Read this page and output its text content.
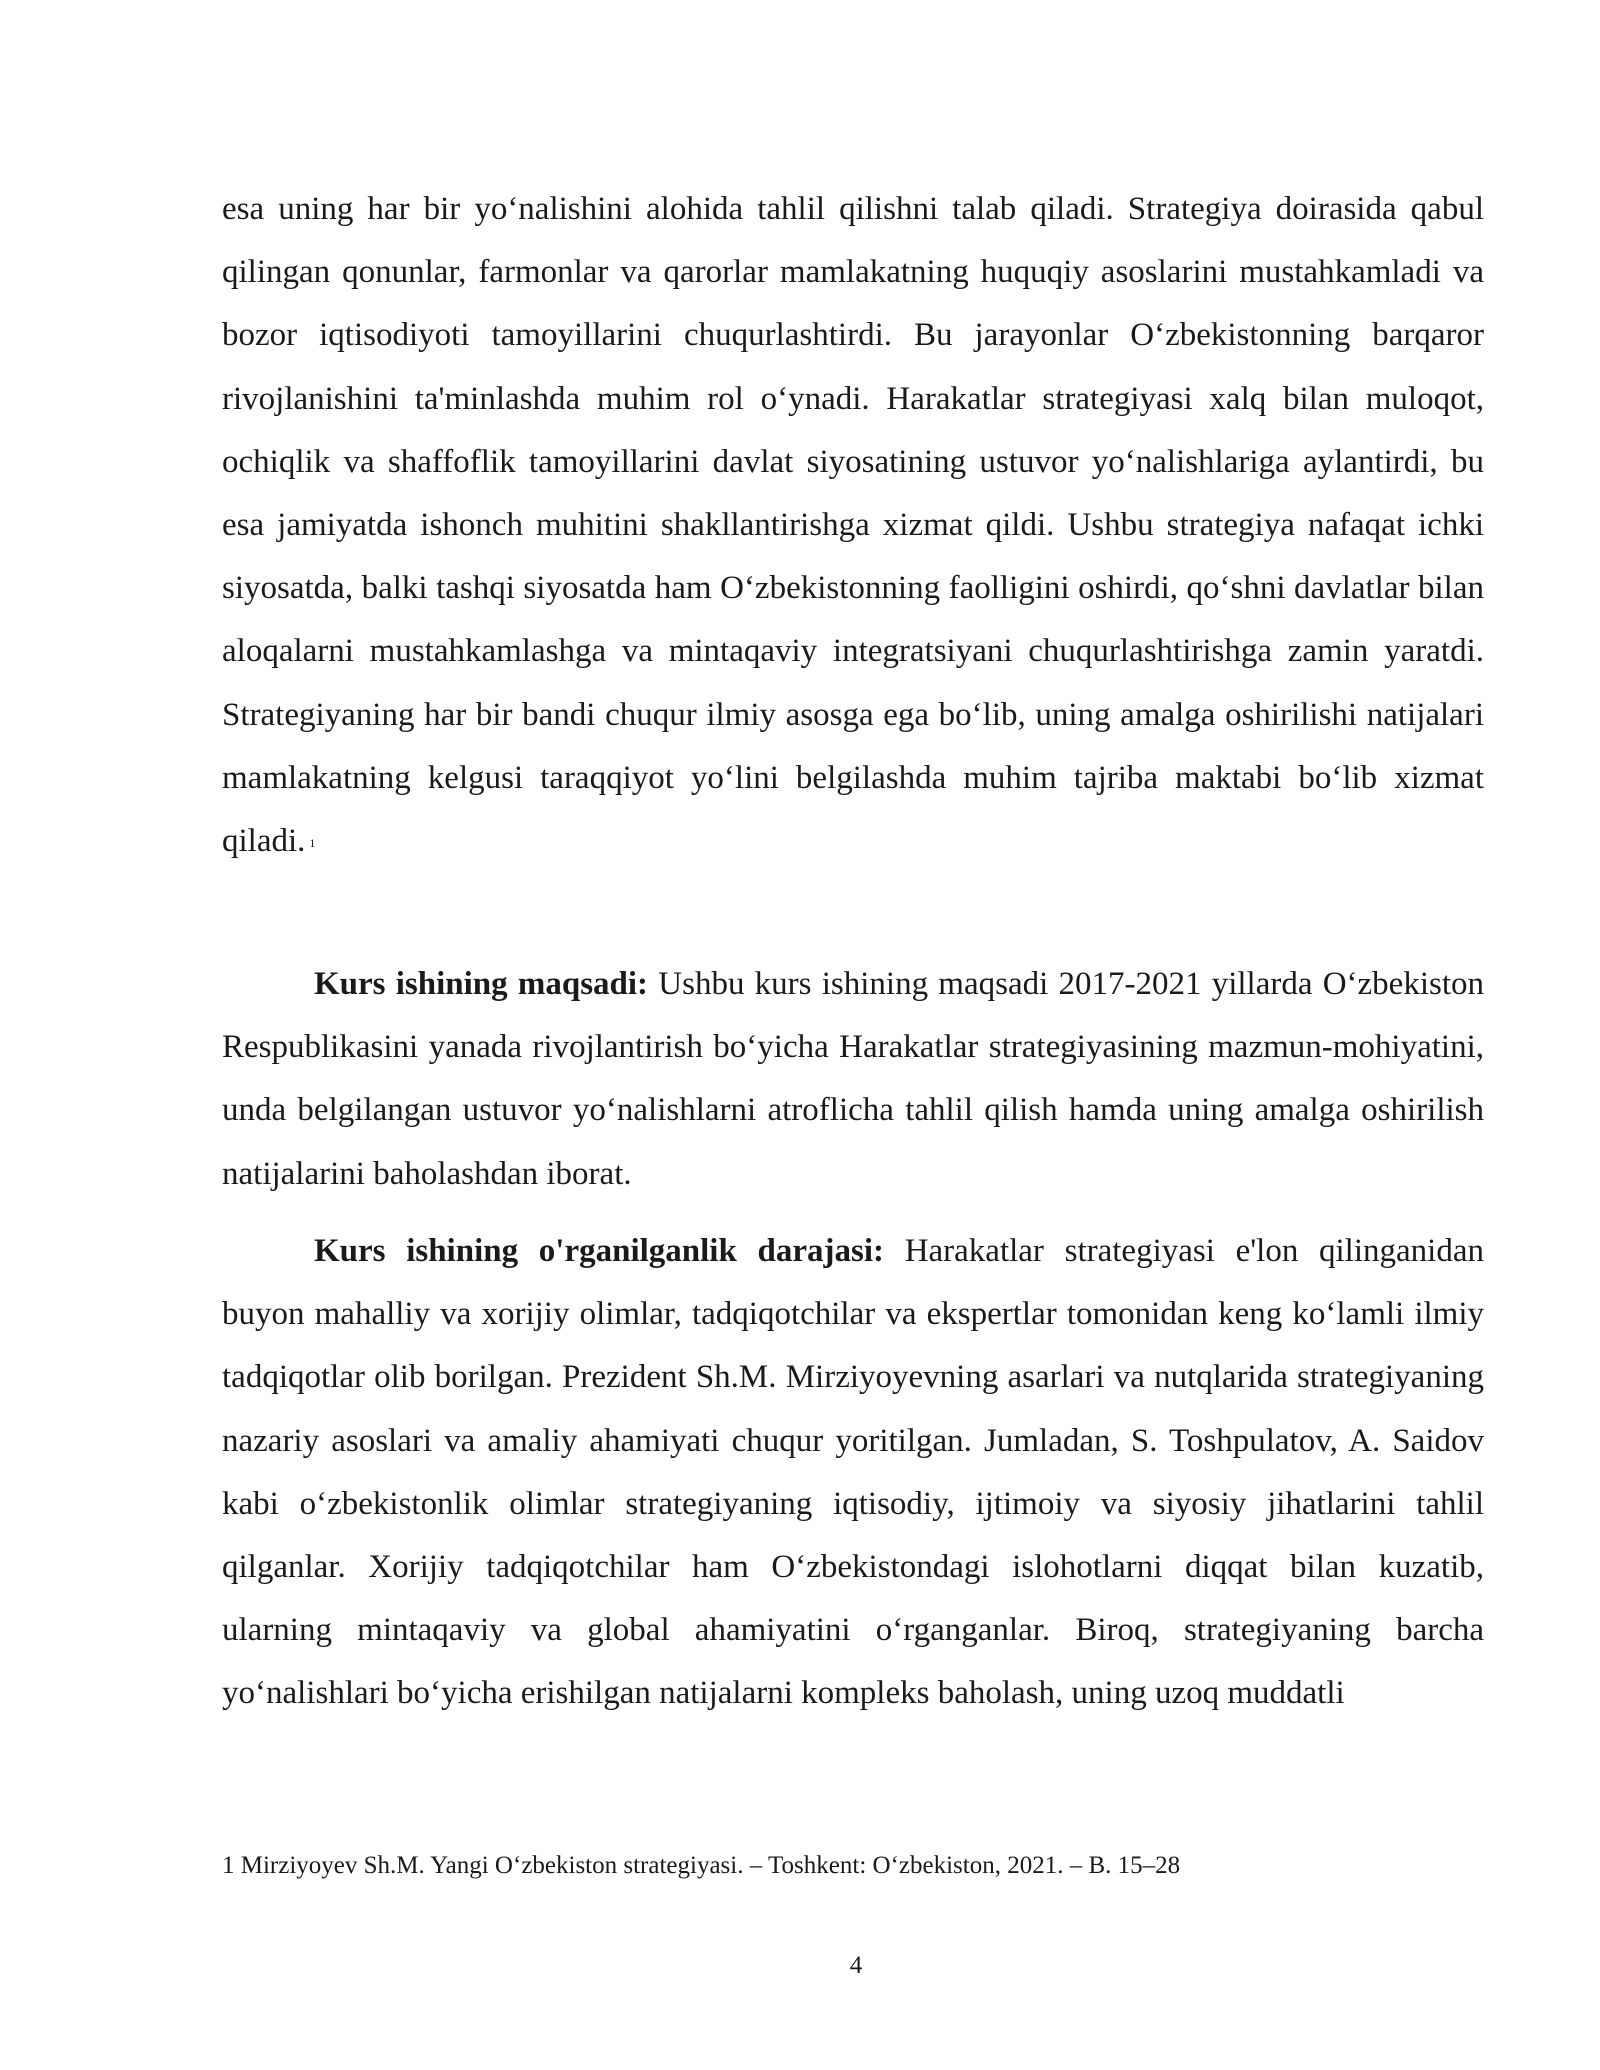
esa uning har bir yo‘nalishini alohida tahlil qilishni talab qiladi. Strategiya doirasida qabul qilingan qonunlar, farmonlar va qarorlar mamlakatning huquqiy asoslarini mustahkamladi va bozor iqtisodiyoti tamoyillarini chuqurlashtirdi. Bu jarayonlar O‘zbekistonning barqaror rivojlanishini ta'minlashda muhim rol o‘ynadi. Harakatlar strategiyasi xalq bilan muloqot, ochiqlik va shaffoflik tamoyillarini davlat siyosatining ustuvor yo‘nalishlariga aylantirdi, bu esa jamiyatda ishonch muhitini shakllantirishga xizmat qildi. Ushbu strategiya nafaqat ichki siyosatda, balki tashqi siyosatda ham O‘zbekistonning faolligini oshirdi, qo‘shni davlatlar bilan aloqalarni mustahkamlashga va mintaqaviy integratsiyani chuqurlashtirishga zamin yaratdi. Strategiyaning har bir bandi chuqur ilmiy asosga ega bo‘lib, uning amalga oshirilishi natijalari mamlakatning kelgusi taraqqiyot yo‘lini belgilashda muhim tajriba maktabi bo‘lib xizmat qiladi. $^1$

Kurs ishining maqsadi: Ushbu kurs ishining maqsadi 2017-2021 yillarda O‘zbekiston Respublikasini yanada rivojlantirish bo‘yicha Harakatlar strategiyasining mazmun-mohiyatini, unda belgilangan ustuvor yo‘nalishlarni atroflicha tahlil qilish hamda uning amalga oshirilish natijalarini baholashdan iborat.

Kurs ishining o'rganilganlik darajasi: Harakatlar strategiyasi e'lon qilinganidan buyon mahalliy va xorijiy olimlar, tadqiqotchilar va ekspertlar tomonidan keng ko‘lamli ilmiy tadqiqotlar olib borilgan. Prezident Sh.M. Mirziyoyevning asarlari va nutqlarida strategiyaning nazariy asoslari va amaliy ahamiyati chuqur yoritilgan. Jumladan, S. Toshpulatov, A. Saidov kabi o‘zbekistonlik olimlar strategiyaning iqtisodiy, ijtimoiy va siyosiy jihatlarini tahlil qilganlar. Xorijiy tadqiqotchilar ham O‘zbekistondagi islohotlarni diqqat bilan kuzatib, ularning mintaqaviy va global ahamiyatini o‘rganganlar. Biroq, strategiyaning barcha yo‘nalishlari bo‘yicha erishilgan natijalarni kompleks baholash, uning uzoq muddatli

1 Mirziyoyev Sh.M. Yangi O‘zbekiston strategiyasi. – Toshkent: O‘zbekiston, 2021. – B. 15–28

4
